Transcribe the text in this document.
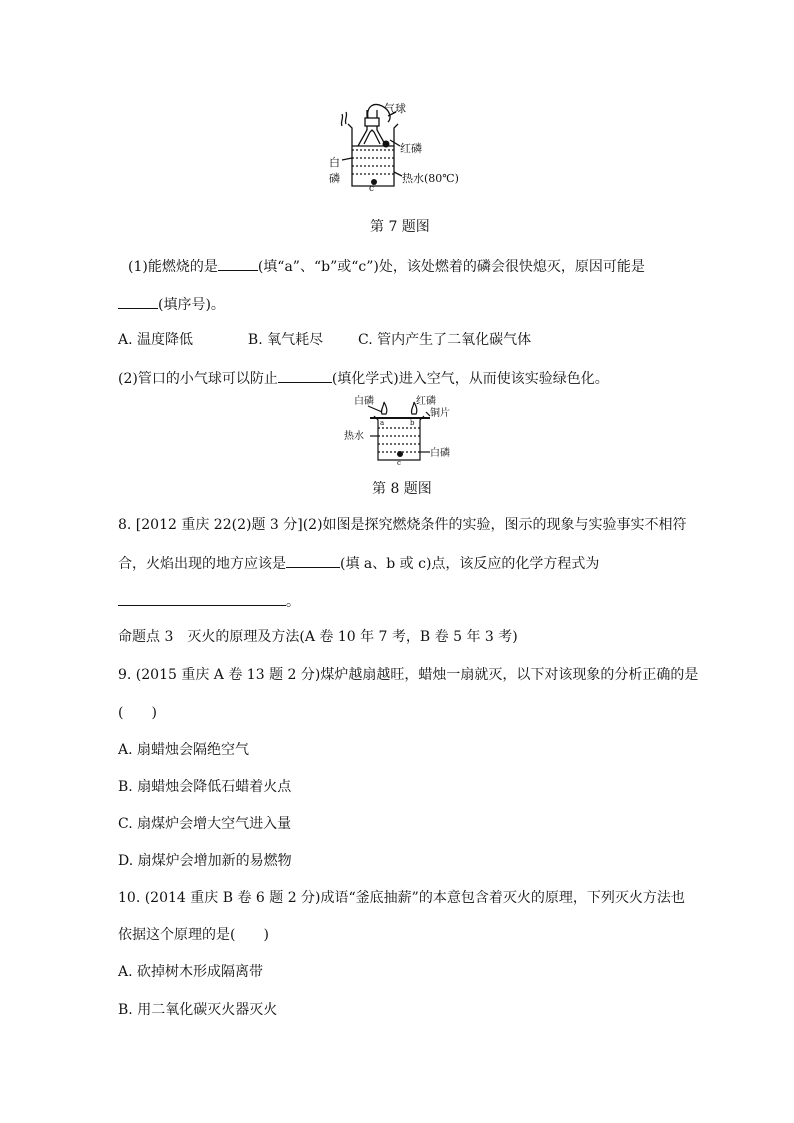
气球
红磷
白
磷	热水(80℃)
c
第 7 题图
(1)能燃烧的是	(填“a”、“b”或“c”)处，该处燃着的磷会很快熄灭，原因可能是
(填序号)。
A. 温度降低	B. 氧气耗尽 C. 管内产生了二氧化碳气体
(2)管口的小气球可以防止	(填化学式)进入空气，从而使该实验绿色化。
白磷	红磷
铜片
热水
白磷
a	b
c
第 8 题图
8. [2012 重庆 22(2)题 3 分](2)如图是探究燃烧条件的实验，图示的现象与实验事实不相符
合，火焰出现的地方应该是	(填 a、b 或 c)点，该反应的化学方程式为
。
命题点 3　灭火的原理及方法(A 卷 10 年 7 考，B 卷 5 年 3 考)
9. (2015 重庆 A 卷 13 题 2 分)煤炉越扇越旺，蜡烛一扇就灭，以下对该现象的分析正确的是
(　　)
A. 扇蜡烛会隔绝空气
B. 扇蜡烛会降低石蜡着火点
C. 扇煤炉会增大空气进入量
D. 扇煤炉会增加新的易燃物
10. (2014 重庆 B 卷 6 题 2 分)成语“釜底抽薪”的本意包含着灭火的原理，下列灭火方法也
依据这个原理的是(　　)
A. 砍掉树木形成隔离带
B. 用二氧化碳灭火器灭火
